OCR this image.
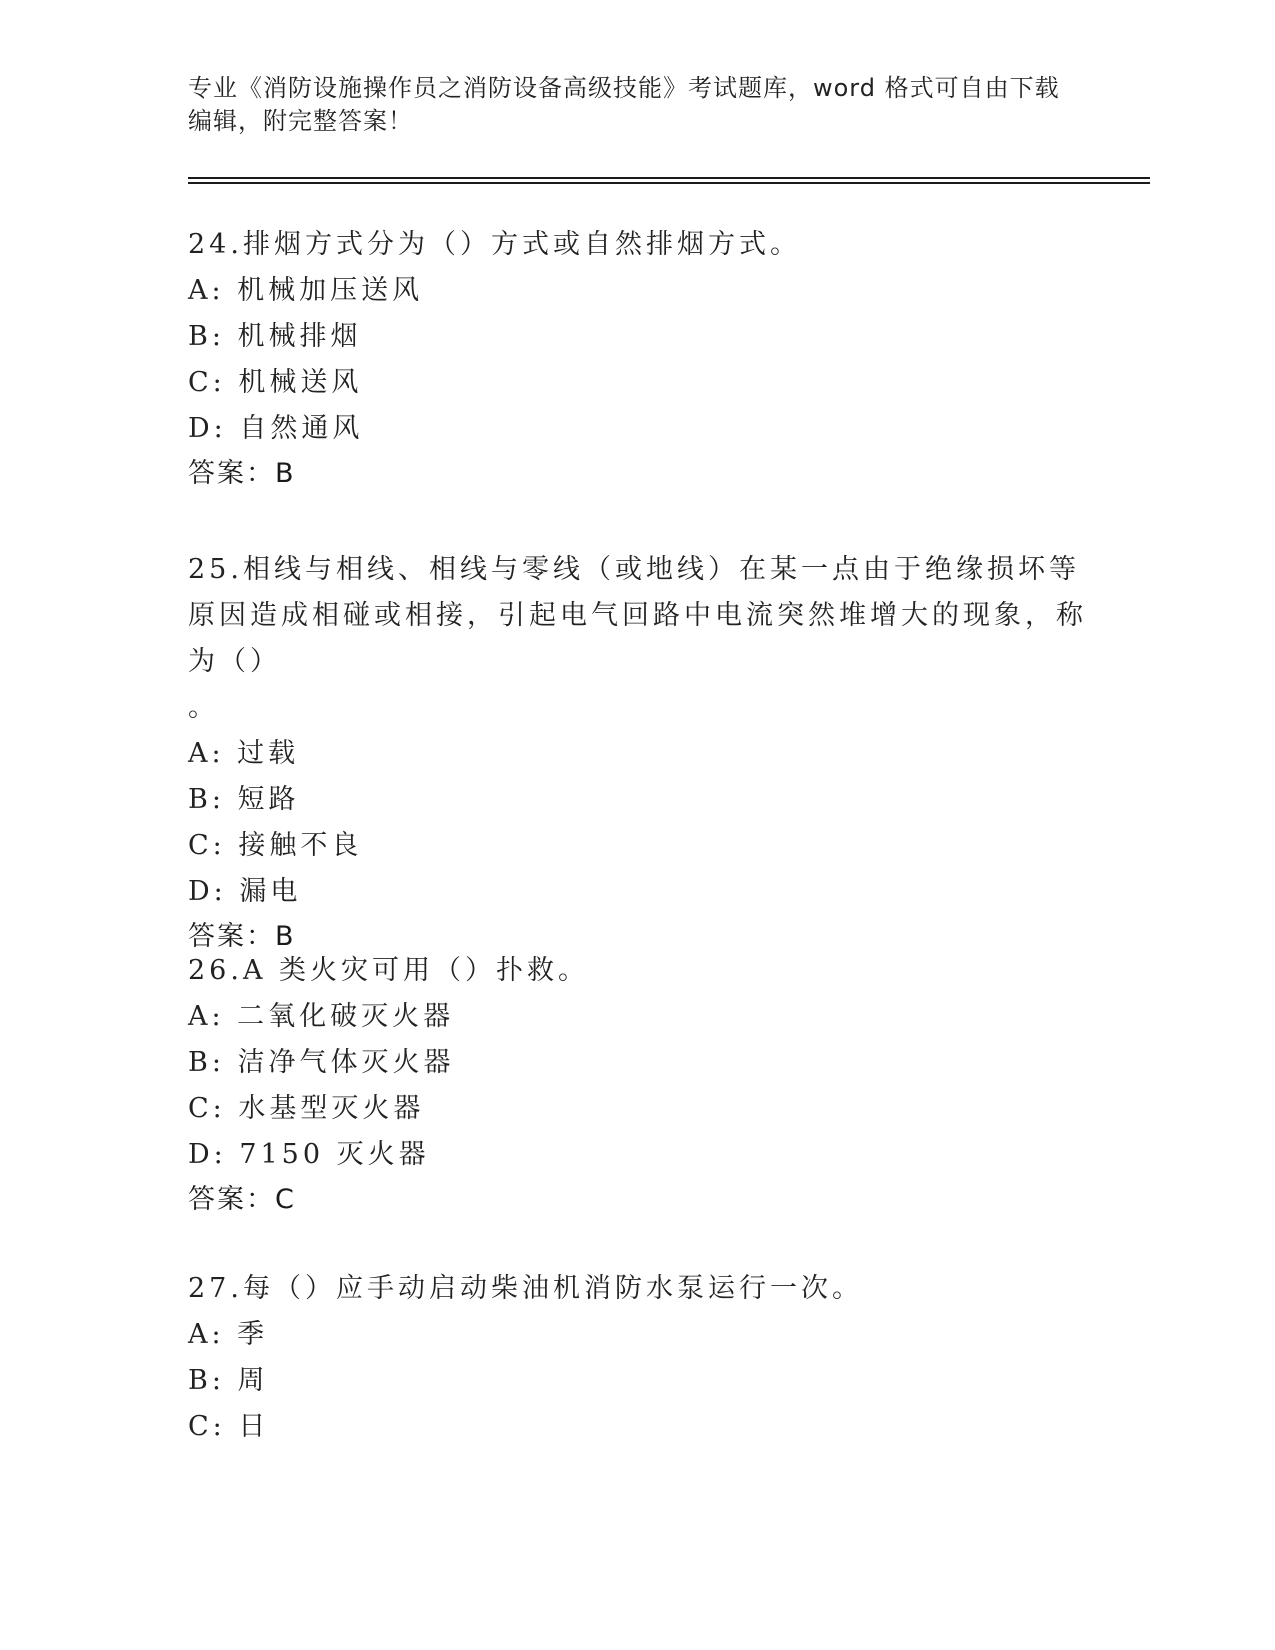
专业《消防设施操作员之消防设备高级技能》考试题库，word 格式可自由下载编辑，附完整答案！

24.排烟方式分为（）方式或自然排烟方式。

A: 机械加压送风

B: 机械排烟

C: 机械送风

D: 自然通风

答案：B

25.相线与相线、相线与零线（或地线）在某一点由于绝缘损坏等原因造成相碰或相接，引起电气回路中电流突然堆增大的现象，称为（）
。

A: 过载

B: 短路

C: 接触不良

D: 漏电

答案：B

26.A 类火灾可用（）扑救。

A: 二氧化破灭火器

B: 洁净气体灭火器

C: 水基型灭火器

D: 7150 灭火器

答案：C

27.每（）应手动启动柴油机消防水泵运行一次。

A: 季

B: 周

C: 日
